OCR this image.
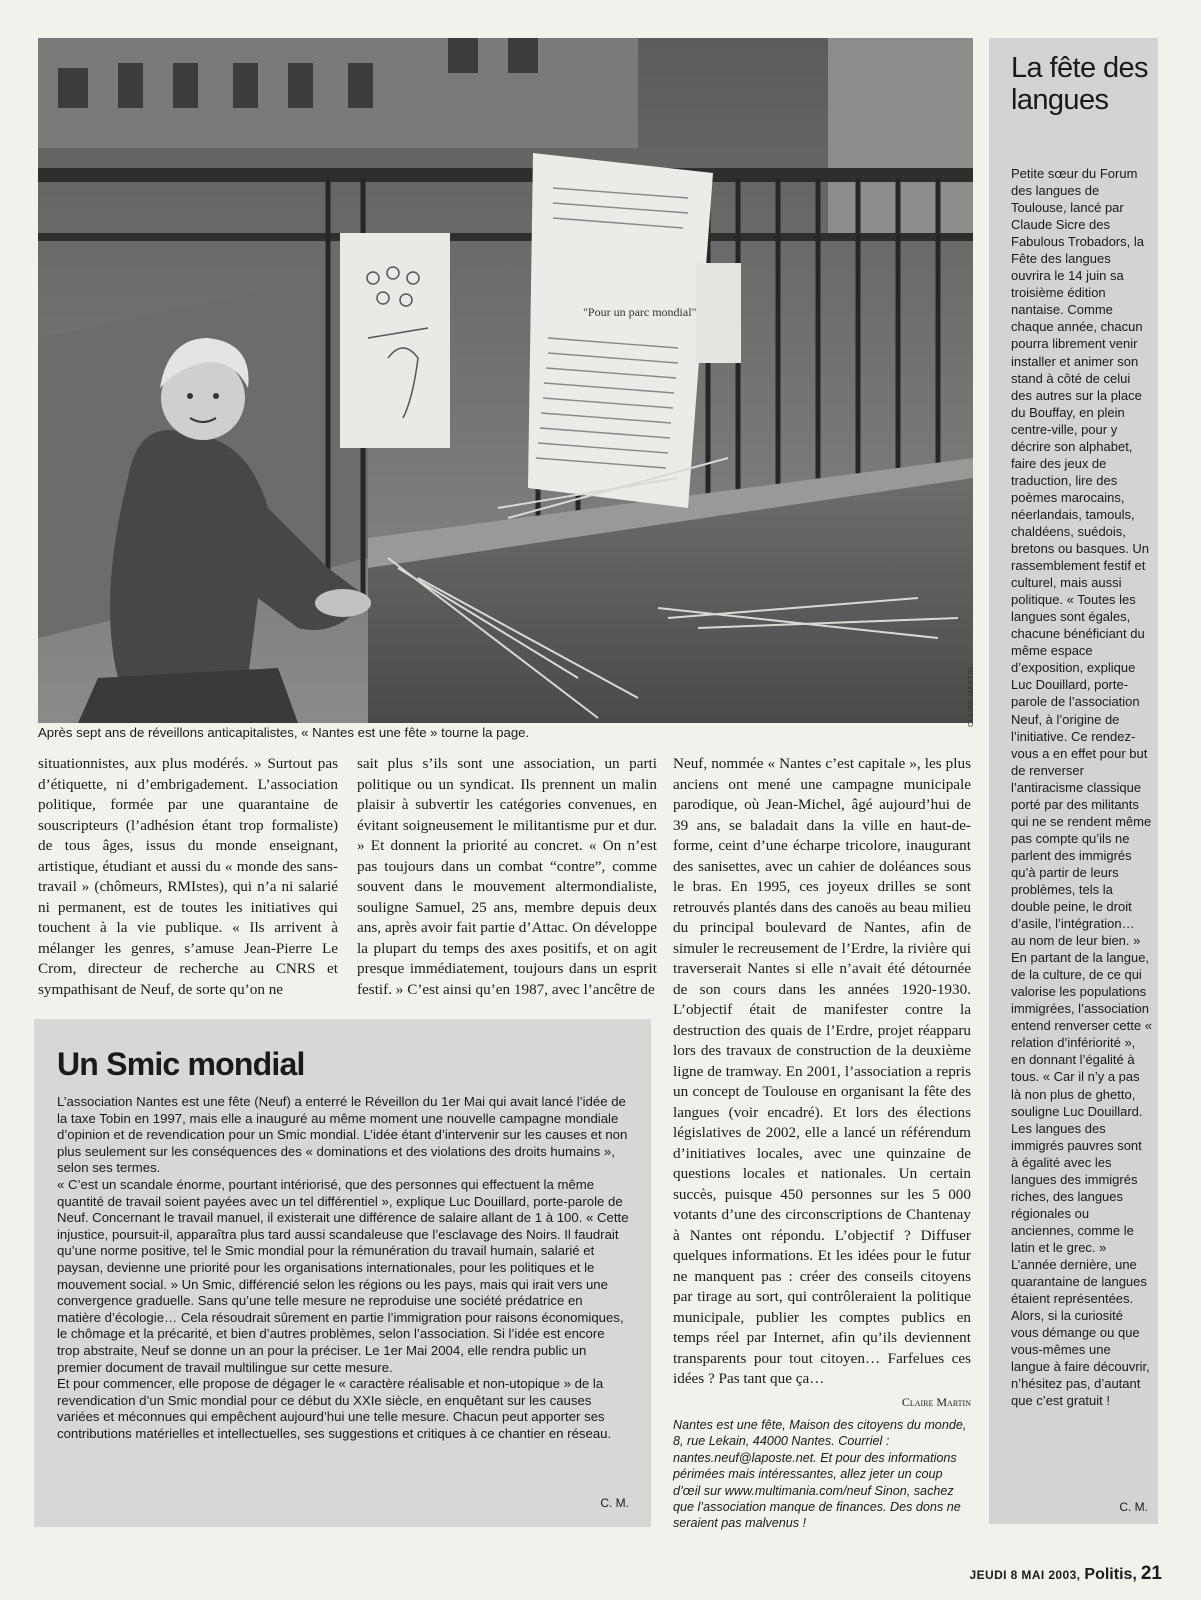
"Pour un parc mondial"
Après sept ans de réveillons anticapitalistes, « Nantes est une fête » tourne la page.
CLAIRE MARTIN

situationnistes, aux plus modérés. » Surtout pas d’étiquette, ni d’embrigadement. L’association politique, formée par une quarantaine de souscripteurs (l’adhésion étant trop formaliste) de tous âges, issus du monde enseignant, artistique, étudiant et aussi du « monde des sans-travail » (chômeurs, RMIstes), qui n’a ni salarié ni permanent, est de toutes les initiatives qui touchent à la vie publique. « Ils arrivent à mélanger les genres, s’amuse Jean-Pierre Le Crom, directeur de recherche au CNRS et sympathisant de Neuf, de sorte qu’on ne

sait plus s’ils sont une association, un parti politique ou un syndicat. Ils prennent un malin plaisir à subvertir les catégories convenues, en évitant soigneusement le militantisme pur et dur. » Et donnent la priorité au concret. « On n’est pas toujours dans un combat “contre”, comme souvent dans le mouvement altermondialiste, souligne Samuel, 25 ans, membre depuis deux ans, après avoir fait partie d’Attac. On développe la plupart du temps des axes positifs, et on agit presque immédiatement, toujours dans un esprit festif. » C’est ainsi qu’en 1987, avec l’ancêtre de

Neuf, nommée « Nantes c’est capitale », les plus anciens ont mené une campagne municipale parodique, où Jean-Michel, âgé aujourd’hui de 39 ans, se baladait dans la ville en haut-de-forme, ceint d’une écharpe tricolore, inaugurant des sanisettes, avec un cahier de doléances sous le bras. En 1995, ces joyeux drilles se sont retrouvés plantés dans des canoës au beau milieu du principal boulevard de Nantes, afin de simuler le recreusement de l’Erdre, la rivière qui traverserait Nantes si elle n’avait été détournée de son cours dans les années 1920-1930. L’objectif était de manifester contre la destruction des quais de l’Erdre, projet réapparu lors des travaux de construction de la deuxième ligne de tramway. En 2001, l’association a repris un concept de Toulouse en organisant la fête des langues (voir encadré). Et lors des élections législatives de 2002, elle a lancé un référendum d’initiatives locales, avec une quinzaine de questions locales et nationales. Un certain succès, puisque 450 personnes sur les 5 000 votants d’une des circonscriptions de Chantenay à Nantes ont répondu. L’objectif ? Diffuser quelques informations. Et les idées pour le futur ne manquent pas : créer des conseils citoyens par tirage au sort, qui contrôleraient la politique municipale, publier les comptes publics en temps réel par Internet, afin qu’ils deviennent transparents pour tout citoyen… Farfelues ces idées ? Pas tant que ça…

Claire Martin
Un Smic mondial

L’association Nantes est une fête (Neuf) a enterré le Réveillon du 1er Mai qui avait lancé l’idée de la taxe Tobin en 1997, mais elle a inauguré au même moment une nouvelle campagne mondiale d’opinion et de revendication pour un Smic mondial. L’idée étant d’intervenir sur les causes et non plus seulement sur les conséquences des « dominations et des violations des droits humains », selon ses termes.

« C’est un scandale énorme, pourtant intériorisé, que des personnes qui effectuent la même quantité de travail soient payées avec un tel différentiel », explique Luc Douillard, porte-parole de Neuf. Concernant le travail manuel, il existerait une différence de salaire allant de 1 à 100. « Cette injustice, poursuit-il, apparaîtra plus tard aussi scandaleuse que l’esclavage des Noirs. Il faudrait qu’une norme positive, tel le Smic mondial pour la rémunération du travail humain, salarié et paysan, devienne une priorité pour les organisations internationales, pour les politiques et le mouvement social. » Un Smic, différencié selon les régions ou les pays, mais qui irait vers une convergence graduelle. Sans qu’une telle mesure ne reproduise une société prédatrice en matière d’écologie… Cela résoudrait sûrement en partie l’immigration pour raisons économiques, le chômage et la précarité, et bien d’autres problèmes, selon l’association. Si l’idée est encore trop abstraite, Neuf se donne un an pour la préciser. Le 1er Mai 2004, elle rendra public un premier document de travail multilingue sur cette mesure.

Et pour commencer, elle propose de dégager le « caractère réalisable et non-utopique » de la revendication d’un Smic mondial pour ce début du XXIe siècle, en enquêtant sur les causes variées et méconnues qui empêchent aujourd’hui une telle mesure. Chacun peut apporter ses contributions matérielles et intellectuelles, ses suggestions et critiques à ce chantier en réseau.

C. M.
Nantes est une fête, Maison des citoyens du monde, 8, rue Lekain, 44000 Nantes. Courriel : nantes.neuf@laposte.net. Et pour des informations périmées mais intéressantes, allez jeter un coup d’œil sur www.multimania.com/neuf Sinon, sachez que l’association manque de finances. Des dons ne seraient pas malvenus !
La fête des langues
Petite sœur du Forum des langues de Toulouse, lancé par Claude Sicre des Fabulous Trobadors, la Fête des langues ouvrira le 14 juin sa troisième édition nantaise. Comme chaque année, chacun pourra librement venir installer et animer son stand à côté de celui des autres sur la place du Bouffay, en plein centre-ville, pour y décrire son alphabet, faire des jeux de traduction, lire des poèmes marocains, néerlandais, tamouls, chaldéens, suédois, bretons ou basques. Un rassemblement festif et culturel, mais aussi politique. « Toutes les langues sont égales, chacune bénéficiant du même espace d’exposition, explique Luc Douillard, porte-parole de l’association Neuf, à l’origine de l’initiative. Ce rendez-vous a en effet pour but de renverser l’antiracisme classique porté par des militants qui ne se rendent même pas compte qu’ils ne parlent des immigrés qu’à partir de leurs problèmes, tels la double peine, le droit d’asile, l’intégration… au nom de leur bien. » En partant de la langue, de la culture, de ce qui valorise les populations immigrées, l’association entend renverser cette « relation d’infériorité », en donnant l’égalité à tous. « Car il n’y a pas là non plus de ghetto, souligne Luc Douillard. Les langues des immigrés pauvres sont à égalité avec les langues des immigrés riches, des langues régionales ou anciennes, comme le latin et le grec. » L’année dernière, une quarantaine de langues étaient représentées. Alors, si la curiosité vous démange ou que vous-mêmes une langue à faire découvrir, n’hésitez pas, d’autant que c’est gratuit !
C. M.
JEUDI 8 MAI 2003, Politis, 21
